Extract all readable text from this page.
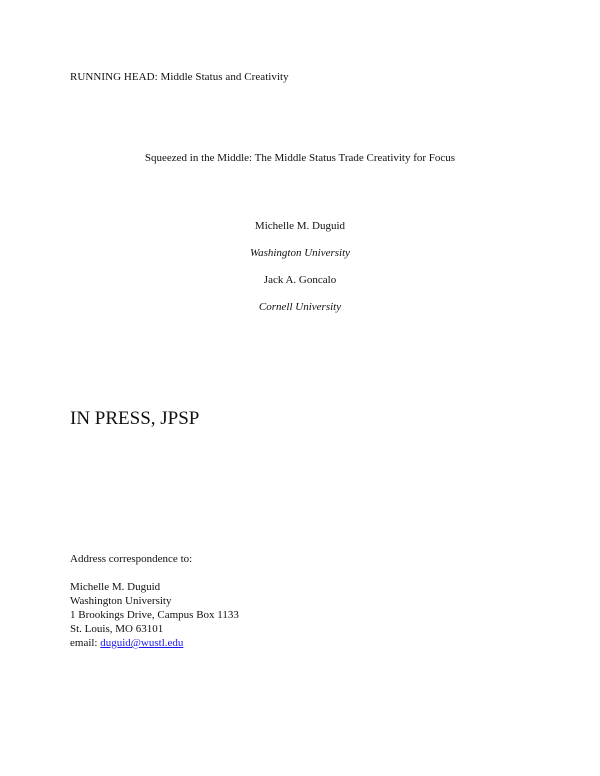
RUNNING HEAD: Middle Status and Creativity
Squeezed in the Middle: The Middle Status Trade Creativity for Focus
Michelle M. Duguid
Washington University
Jack A. Goncalo
Cornell University
IN PRESS, JPSP
Address correspondence to:
Michelle M. Duguid
Washington University
1 Brookings Drive, Campus Box 1133
St. Louis, MO 63101
email: duguid@wustl.edu
